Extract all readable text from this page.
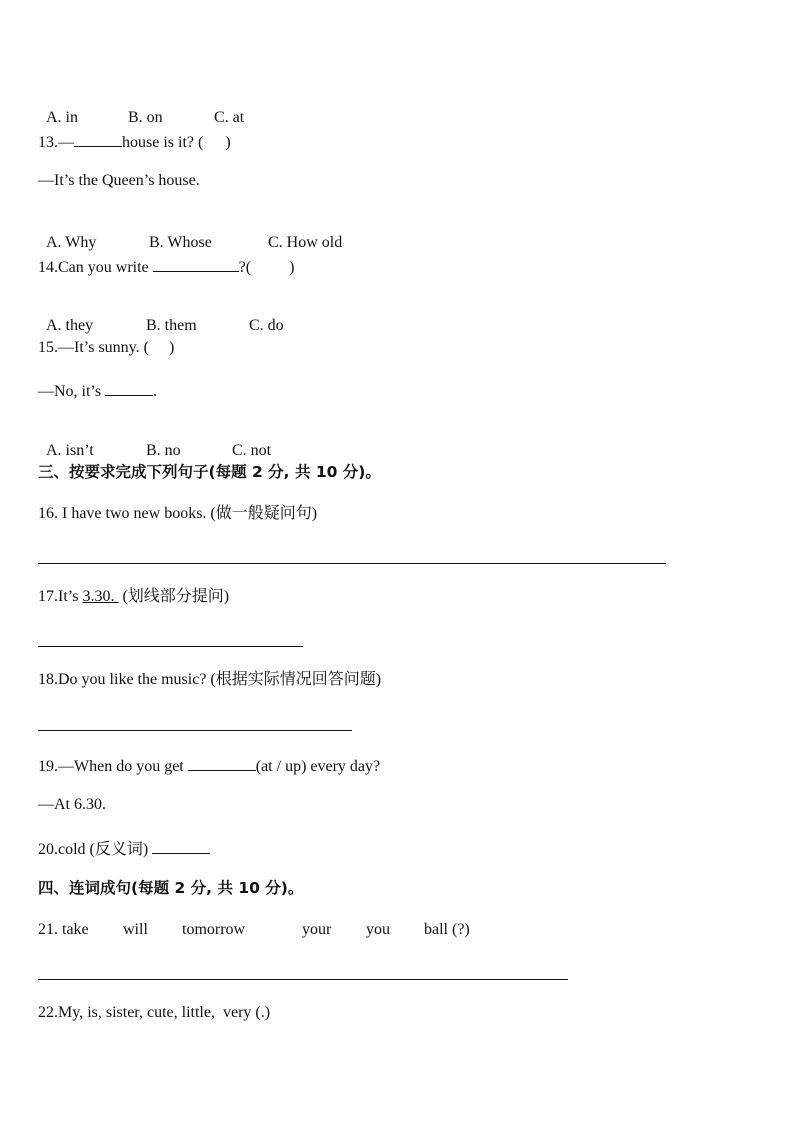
A. in	B. on	C. at

13.—	house is it? ( )
—It’s the Queen’s house.

A. Why	B. Whose	C. How old

14.Can you write	?( )

A. they	B. them	C. do

15.—It’s sunny. ( )
—No, it’s	.

A. isn’t	B. no	C. not

三、按要求完成下列句子(每题 2 分, 共 10 分)。
16. I have two new books. (做一般疑问句)
17.It’s 3.30.  (划线部分提问)
18.Do you like the music? (根据实际情况回答问题)
19.—When do you get	(at / up) every day?
—At 6.30.
20.cold (反义词)
四、连词成句(每题 2 分, 共 10 分)。
21. take will tomorrow	your you ball (?)
22.My, is, sister, cute, little,  very (.)
